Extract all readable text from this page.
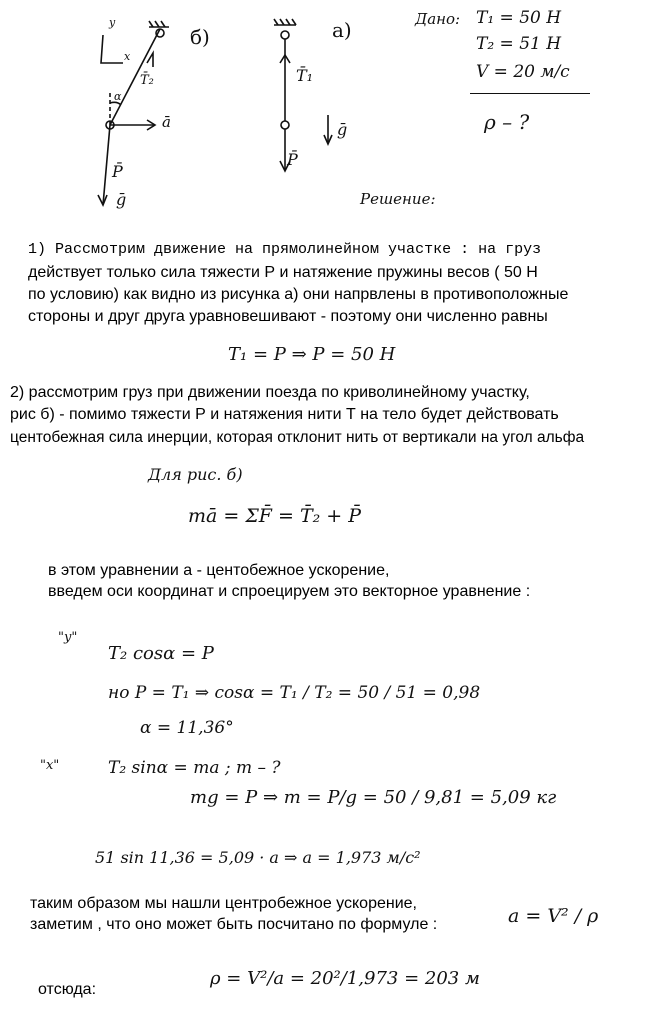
y
x
б)
T̄₂
α
ā
P̄
ḡ
а)
T̄₁
P̄
ḡ
Дано: T₁ = 50 Н
T₂ = 51 Н
V = 20 м/с
ρ – ?
Решение:
1) Рассмотрим движение на прямолинейном участке : на груз
действует только сила тяжести Р и натяжение пружины весов ( 50 Н
по условию) как видно из рисунка а) они напрвлены в противоположные
стороны и друг друга уравновешивают - поэтому они численно равны
T₁ = P ⇒ P = 50 Н
2) рассмотрим груз при движении поезда по криволинейному участку,
рис б) - помимо тяжести Р и натяжения нити Т на тело будет действовать
центобежная сила инерции, которая отклонит нить от вертикали на угол альфа
Для рис. б)
mā = ΣF̄ = T̄₂ + P̄
в этом уравнении а - центобежное ускорение,
введем оси координат и спроецируем это векторное уравнение :
"y"
T₂ cosα = P
но P = T₁ ⇒ cosα = T₁ / T₂ = 50 / 51 = 0,98
α = 11,36°
"x"	T₂ sinα = ma ; m – ?
mg = P ⇒ m = P/g = 50 / 9,81 = 5,09 кг
51 sin 11,36 = 5,09 · a ⇒ a = 1,973 м/с²
таким образом мы нашли центробежное ускорение,
заметим , что оно может быть посчитано по формуле :	a = V² / ρ
отсюда:
ρ = V²/a = 20²/1,973 = 203 м
